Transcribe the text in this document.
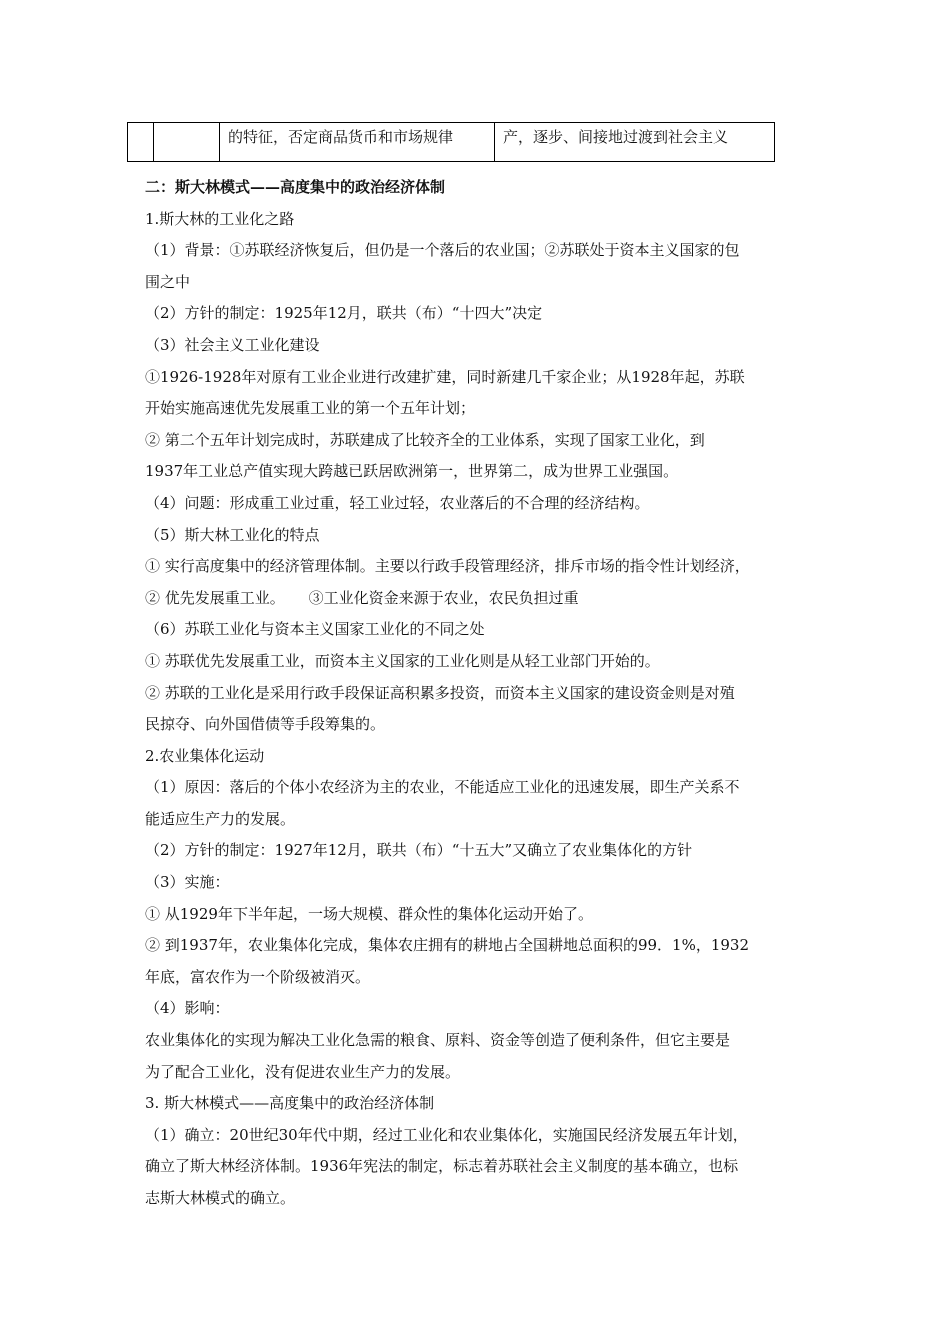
		的特征，否定商品货币和市场规律	产，逐步、间接地过渡到社会主义
二：斯大林模式——高度集中的政治经济体制
1.斯大林的工业化之路
（1）背景：①苏联经济恢复后，但仍是一个落后的农业国；②苏联处于资本主义国家的包
围之中
（2）方针的制定：1925年12月，联共（布）“十四大”决定
（3）社会主义工业化建设
①1926-1928年对原有工业企业进行改建扩建，同时新建几千家企业；从1928年起，苏联
开始实施高速优先发展重工业的第一个五年计划；
② 第二个五年计划完成时，苏联建成了比较齐全的工业体系，实现了国家工业化，到
1937年工业总产值实现大跨越已跃居欧洲第一，世界第二，成为世界工业强国。
（4）问题：形成重工业过重，轻工业过轻，农业落后的不合理的经济结构。
（5）斯大林工业化的特点
① 实行高度集中的经济管理体制。主要以行政手段管理经济，排斥市场的指令性计划经济，
② 优先发展重工业。     ③工业化资金来源于农业，农民负担过重
（6）苏联工业化与资本主义国家工业化的不同之处
① 苏联优先发展重工业，而资本主义国家的工业化则是从轻工业部门开始的。
② 苏联的工业化是采用行政手段保证高积累多投资，而资本主义国家的建设资金则是对殖
民掠夺、向外国借债等手段筹集的。
2.农业集体化运动
（1）原因：落后的个体小农经济为主的农业，不能适应工业化的迅速发展，即生产关系不
能适应生产力的发展。
（2）方针的制定：1927年12月，联共（布）“十五大”又确立了农业集体化的方针
（3）实施：
① 从1929年下半年起，一场大规模、群众性的集体化运动开始了。
② 到1937年，农业集体化完成，集体农庄拥有的耕地占全国耕地总面积的99．1%，1932
年底，富农作为一个阶级被消灭。
（4）影响：
农业集体化的实现为解决工业化急需的粮食、原料、资金等创造了便利条件，但它主要是
为了配合工业化，没有促进农业生产力的发展。
3. 斯大林模式——高度集中的政治经济体制
（1）确立：20世纪30年代中期，经过工业化和农业集体化，实施国民经济发展五年计划，
确立了斯大林经济体制。1936年宪法的制定，标志着苏联社会主义制度的基本确立，也标
志斯大林模式的确立。
